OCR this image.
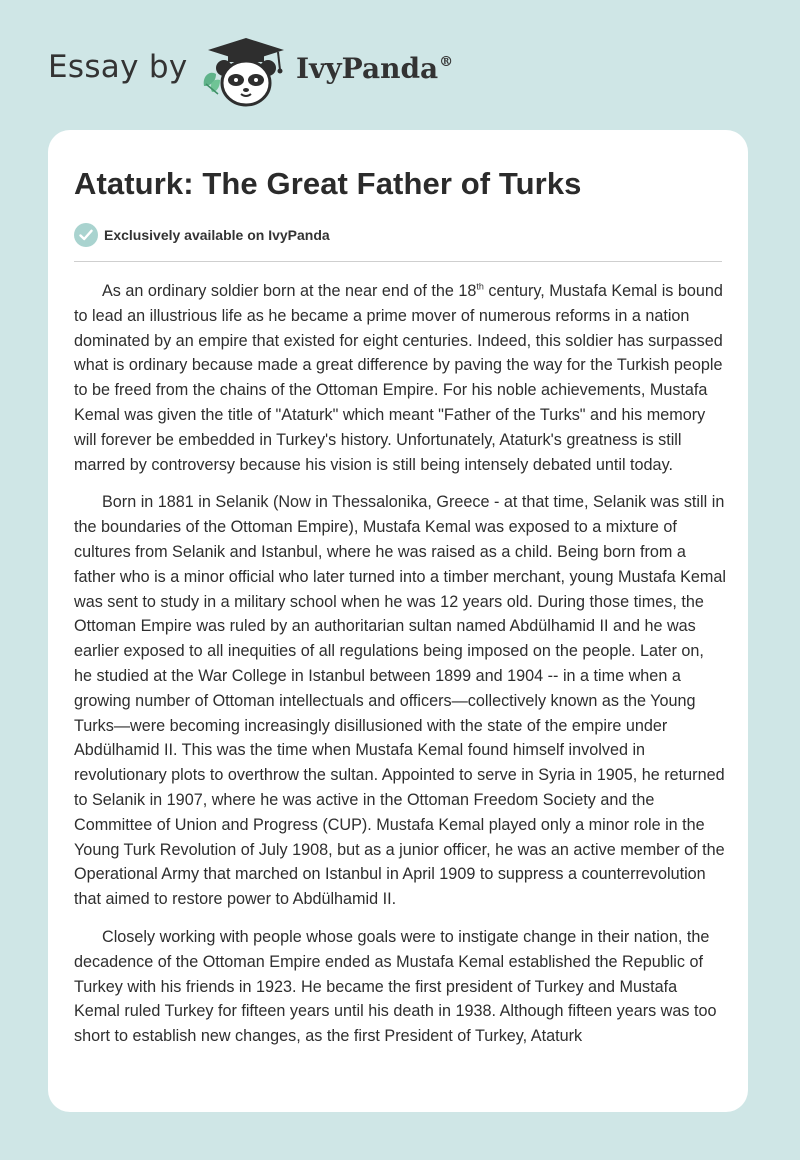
Essay by	IvyPanda®
Ataturk: The Great Father of Turks
Exclusively available on IvyPanda

As an ordinary soldier born at the near end of the 18th century, Mustafa Kemal is bound to lead an illustrious life as he became a prime mover of numerous reforms in a nation dominated by an empire that existed for eight centuries. Indeed, this soldier has surpassed what is ordinary because made a great difference by paving the way for the Turkish people to be freed from the chains of the Ottoman Empire. For his noble achievements, Mustafa Kemal was given the title of "Ataturk" which meant "Father of the Turks" and his memory will forever be embedded in Turkey's history. Unfortunately, Ataturk's greatness is still marred by controversy because his vision is still being intensely debated until today.

Born in 1881 in Selanik (Now in Thessalonika, Greece - at that time, Selanik was still in the boundaries of the Ottoman Empire), Mustafa Kemal was exposed to a mixture of cultures from Selanik and Istanbul, where he was raised as a child. Being born from a father who is a minor official who later turned into a timber merchant, young Mustafa Kemal was sent to study in a military school when he was 12 years old. During those times, the Ottoman Empire was ruled by an authoritarian sultan named Abdülhamid II and he was earlier exposed to all inequities of all regulations being imposed on the people. Later on, he studied at the War College in Istanbul between 1899 and 1904 -- in a time when a growing number of Ottoman intellectuals and officers—collectively known as the Young Turks—were becoming increasingly disillusioned with the state of the empire under Abdülhamid II. This was the time when Mustafa Kemal found himself involved in revolutionary plots to overthrow the sultan. Appointed to serve in Syria in 1905, he returned to Selanik in 1907, where he was active in the Ottoman Freedom Society and the Committee of Union and Progress (CUP). Mustafa Kemal played only a minor role in the Young Turk Revolution of July 1908, but as a junior officer, he was an active member of the Operational Army that marched on Istanbul in April 1909 to suppress a counterrevolution that aimed to restore power to Abdülhamid II.

Closely working with people whose goals were to instigate change in their nation, the decadence of the Ottoman Empire ended as Mustafa Kemal established the Republic of Turkey with his friends in 1923. He became the first president of Turkey and Mustafa Kemal ruled Turkey for fifteen years until his death in 1938. Although fifteen years was too short to establish new changes, as the first President of Turkey, Ataturk
